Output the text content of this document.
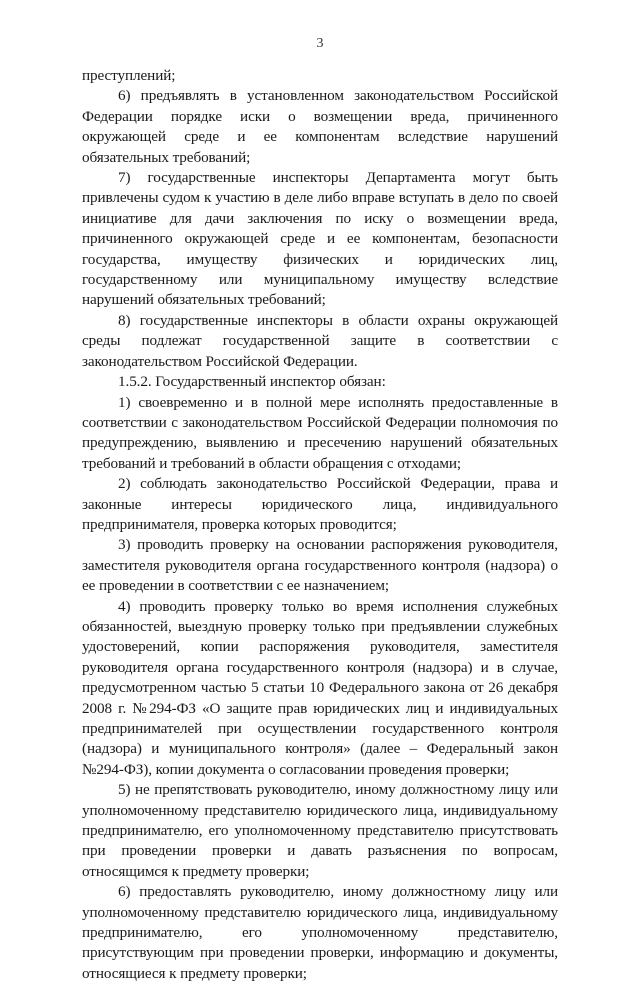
3

преступлений;

6) предъявлять в установленном законодательством Российской Федерации порядке иски о возмещении вреда, причиненного окружающей среде и ее компонентам вследствие нарушений обязательных требований;

7) государственные инспекторы Департамента могут быть привлечены судом к участию в деле либо вправе вступать в дело по своей инициативе для дачи заключения по иску о возмещении вреда, причиненного окружающей среде и ее компонентам, безопасности государства, имуществу физических и юридических лиц, государственному или муниципальному имуществу вследствие нарушений обязательных требований;

8) государственные инспекторы в области охраны окружающей среды подлежат государственной защите в соответствии с законодательством Российской Федерации.

1.5.2. Государственный инспектор обязан:

1) своевременно и в полной мере исполнять предоставленные в соответствии с законодательством Российской Федерации полномочия по предупреждению, выявлению и пресечению нарушений обязательных требований и требований в области обращения с отходами;

2) соблюдать законодательство Российской Федерации, права и законные интересы юридического лица, индивидуального предпринимателя, проверка которых проводится;

3) проводить проверку на основании распоряжения руководителя, заместителя руководителя органа государственного контроля (надзора) о ее проведении в соответствии с ее назначением;

4) проводить проверку только во время исполнения служебных обязанностей, выездную проверку только при предъявлении служебных удостоверений, копии распоряжения руководителя, заместителя руководителя органа государственного контроля (надзора) и в случае, предусмотренном частью 5 статьи 10 Федерального закона от 26 декабря 2008 г. №294-ФЗ «О защите прав юридических лиц и индивидуальных предпринимателей при осуществлении государственного контроля (надзора) и муниципального контроля» (далее – Федеральный закон №294-ФЗ), копии документа о согласовании проведения проверки;

5) не препятствовать руководителю, иному должностному лицу или уполномоченному представителю юридического лица, индивидуальному предпринимателю, его уполномоченному представителю присутствовать при проведении проверки и давать разъяснения по вопросам, относящимся к предмету проверки;

6) предоставлять руководителю, иному должностному лицу или уполномоченному представителю юридического лица, индивидуальному предпринимателю, его уполномоченному представителю, присутствующим при проведении проверки, информацию и документы, относящиеся к предмету проверки;
